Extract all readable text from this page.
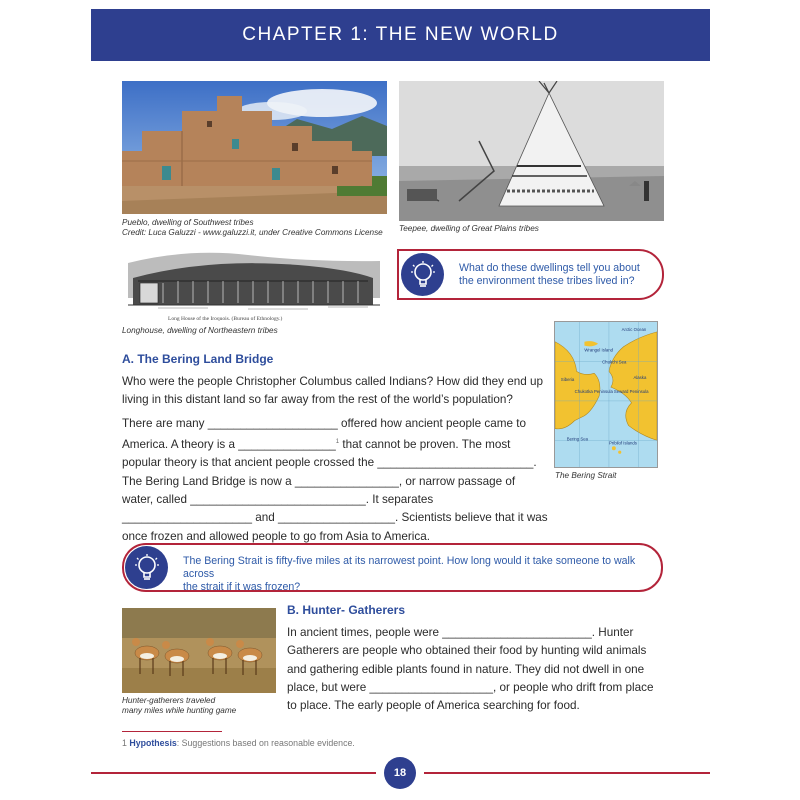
CHAPTER 1: THE NEW WORLD
Pueblo, dwelling of Southwest tribes
Credit: Luca Galuzzi - www.galuzzi.it, under Creative Commons License	Teepee, dwelling of Great Plains tribes
Long House of the Iroquois. (Bureau of Ethnology.)
Longhouse, dwelling of Northeastern tribes
What do these dwellings tell you about
the environment these tribes lived in?
Arctic Ocean
Wrangel Island
Chukchi Sea
Siberia	Alaska
Chukotka Peninsula Seward Peninsula
Bering Sea
Pribilof Islands
The Bering Strait
A. The Bering Land Bridge
Who were the people Christopher Columbus called Indians? How did they end up living in this distant land so far away from the rest of the world’s population?
There are many ____________________ offered how ancient people came to America. A theory is a _______________$^1$ that cannot be proven. The most popular theory is that ancient people crossed the ________________________. The Bering Land Bridge is now a ________________, or narrow passage of water, called ___________________________. It separates ____________________ and __________________. Scientists believe that it was once frozen and allowed people to go from Asia to America.
The Bering Strait is fifty-five miles at its narrowest point. How long would it take someone to walk across
the strait if it was frozen?
Hunter-gatherers traveled
many miles while hunting game
B. Hunter- Gatherers
In ancient times, people were _______________________. Hunter Gatherers are people who obtained their food by hunting wild animals and gathering edible plants found in nature. They did not dwell in one place, but were ___________________, or people who drift from place to place. The early people of America searching for food.
1 Hypothesis: Suggestions based on reasonable evidence.
18
